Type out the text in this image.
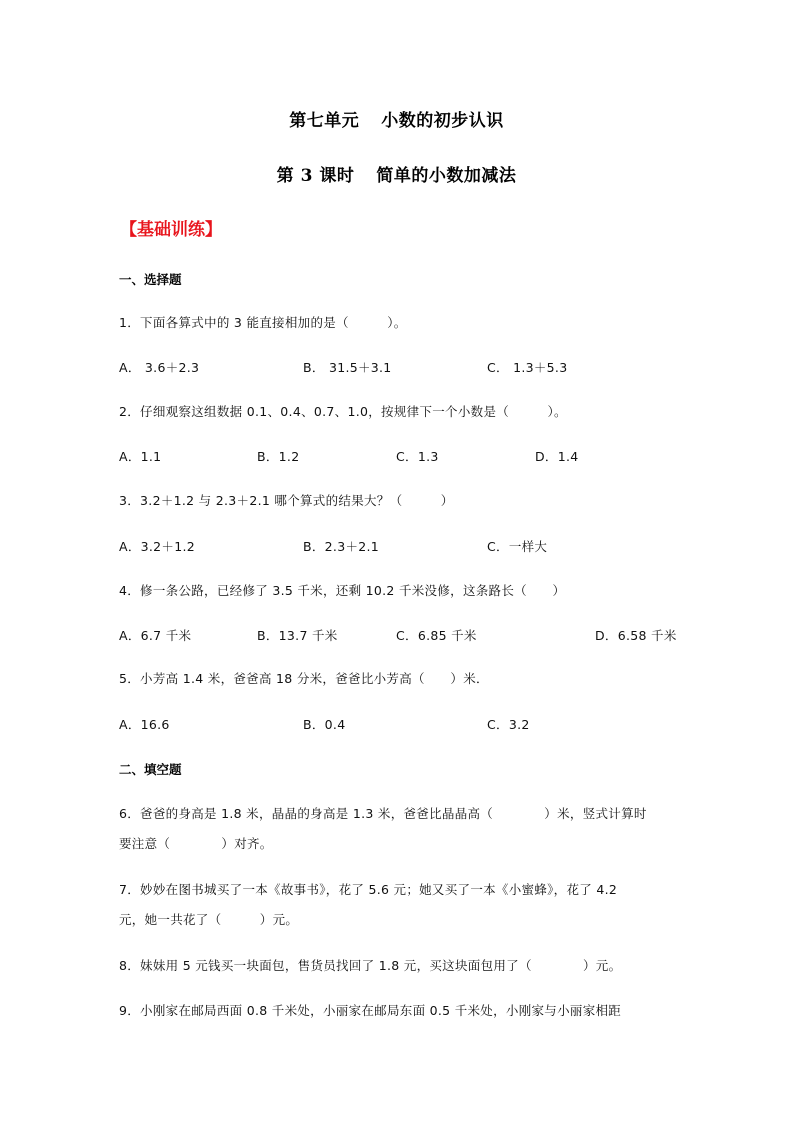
第七单元 小数的初步认识
第 3 课时 简单的小数加减法
【基础训练】
一、选择题
1．下面各算式中的 3 能直接相加的是（　　　）。
A． 3.6＋2.3	B． 31.5＋3.1	C． 1.3＋5.3
2．仔细观察这组数据 0.1、0.4、0.7、1.0，按规律下一个小数是（　　　）。
A．1.1	B．1.2	C．1.3	D．1.4
3．3.2＋1.2 与 2.3＋2.1 哪个算式的结果大？（　　　）
A．3.2＋1.2	B．2.3＋2.1	C．一样大
4．修一条公路，已经修了 3.5 千米，还剩 10.2 千米没修，这条路长（　　）
A．6.7 千米	B．13.7 千米	C．6.85 千米	D．6.58 千米
5．小芳高 1.4 米，爸爸高 18 分米，爸爸比小芳高（　　）米．
A．16.6	B．0.4	C．3.2
二、填空题
6．爸爸的身高是 1.8 米，晶晶的身高是 1.3 米，爸爸比晶晶高（　　　　）米，竖式计算时
要注意（　　　　）对齐。
7．妙妙在图书城买了一本《故事书》，花了 5.6 元；她又买了一本《小蜜蜂》，花了 4.2
元，她一共花了（　　　）元。
8．妹妹用 5 元钱买一块面包，售货员找回了 1.8 元，买这块面包用了（　　　　）元。
9．小刚家在邮局西面 0.8 千米处，小丽家在邮局东面 0.5 千米处，小刚家与小丽家相距
